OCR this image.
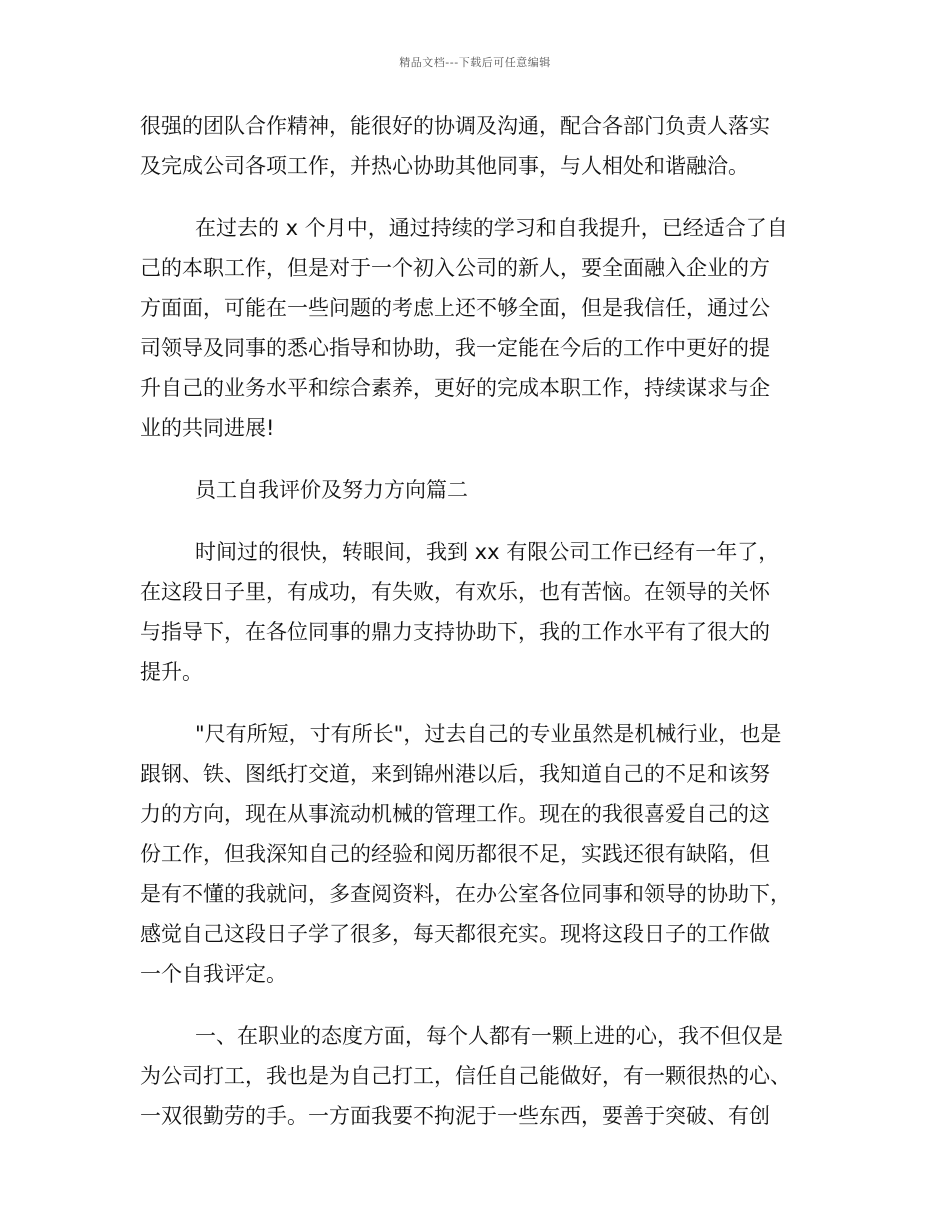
精品文档---下载后可任意编辑

很强的团队合作精神，能很好的协调及沟通，配合各部门负责人落实
及完成公司各项工作，并热心协助其他同事，与人相处和谐融洽。

在过去的 x 个月中，通过持续的学习和自我提升，已经适合了自
己的本职工作，但是对于一个初入公司的新人，要全面融入企业的方
方面面，可能在一些问题的考虑上还不够全面，但是我信任，通过公
司领导及同事的悉心指导和协助，我一定能在今后的工作中更好的提
升自己的业务水平和综合素养，更好的完成本职工作，持续谋求与企
业的共同进展!

员工自我评价及努力方向篇二

时间过的很快，转眼间，我到 xx 有限公司工作已经有一年了，
在这段日子里，有成功，有失败，有欢乐，也有苦恼。在领导的关怀
与指导下，在各位同事的鼎力支持协助下，我的工作水平有了很大的
提升。

"尺有所短，寸有所长"，过去自己的专业虽然是机械行业，也是
跟钢、铁、图纸打交道，来到锦州港以后，我知道自己的不足和该努
力的方向，现在从事流动机械的管理工作。现在的我很喜爱自己的这
份工作，但我深知自己的经验和阅历都很不足，实践还很有缺陷，但
是有不懂的我就问，多查阅资料，在办公室各位同事和领导的协助下，
感觉自己这段日子学了很多，每天都很充实。现将这段日子的工作做
一个自我评定。

一、在职业的态度方面，每个人都有一颗上进的心，我不但仅是
为公司打工，我也是为自己打工，信任自己能做好，有一颗很热的心、
一双很勤劳的手。一方面我要不拘泥于一些东西，要善于突破、有创
